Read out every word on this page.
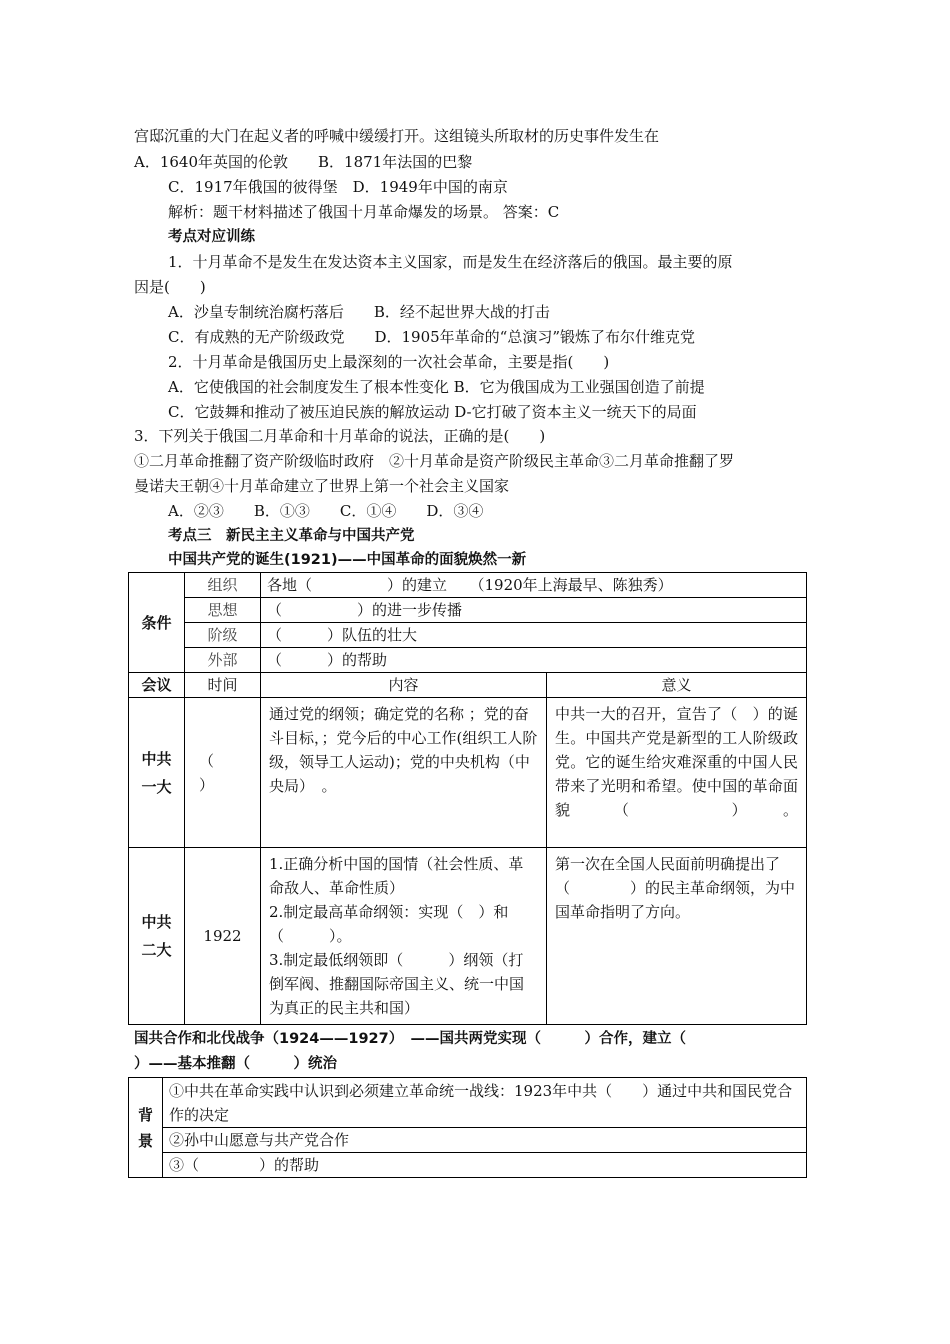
宫邸沉重的大门在起义者的呼喊中缓缓打开。这组镜头所取材的历史事件发生在
A．1640年英国的伦敦　　B．1871年法国的巴黎
C．1917年俄国的彼得堡　D．1949年中国的南京
解析：题干材料描述了俄国十月革命爆发的场景。 答案：C
考点对应训练
1．十月革命不是发生在发达资本主义国家，而是发生在经济落后的俄国。最主要的原
因是(　　)
A．沙皇专制统治腐朽落后　　B．经不起世界大战的打击
C．有成熟的无产阶级政党　　D．1905年革命的“总演习”锻炼了布尔什维克党
2．十月革命是俄国历史上最深刻的一次社会革命，主要是指(　　)
A．它使俄国的社会制度发生了根本性变化 B．它为俄国成为工业强国创造了前提
C．它鼓舞和推动了被压迫民族的解放运动 D-它打破了资本主义一统天下的局面
3．下列关于俄国二月革命和十月革命的说法，正确的是(　　)
①二月革命推翻了资产阶级临时政府　②十月革命是资产阶级民主革命③二月革命推翻了罗
曼诺夫王朝④十月革命建立了世界上第一个社会主义国家
A．②③　　B．①③　　C．①④　　D．③④
考点三　新民主主义革命与中国共产党
中国共产党的诞生(1921)——中国革命的面貌焕然一新
条件	组织	各地（　　　　　）的建立　　（1920年上海最早、陈独秀）	
	思想	（　　　　　）的进一步传播	
	阶级	（　　　）队伍的壮大	
	外部	（　　　）的帮助	
会议	时间	内容	意义
中共一大	（
）	通过党的纲领；确定党的名称 ；党的奋斗目标，；党今后的中心工作(组织工人阶级，领导工人运动)；党的中央机构（中央局）　。	中共一大的召开，宣告了（　）的诞生。中国共产党是新型的工人阶级政党。它的诞生给灾难深重的中国人民带来了光明和希望。使中国的革命面貌（　）。
中共二大	1922	1.正确分析中国的国情（社会性质、革命敌人、革命性质）
2.制定最高革命纲领：实现（　）和（　　　）。
3.制定最低纲领即（　　　）纲领（打倒军阀、推翻国际帝国主义、统一中国为真正的民主共和国）	第一次在全国人民面前明确提出了（　　　　）的民主革命纲领，为中国革命指明了方向。
国共合作和北伐战争（1924——1927）　——国共两党实现（　　　）合作，建立（
）——基本推翻（　　　）统治
背景	①中共在革命实践中认识到必须建立革命统一战线：1923年中共（　　）通过中共和国民党合作的决定
②孙中山愿意与共产党合作
③（　　　　）的帮助
